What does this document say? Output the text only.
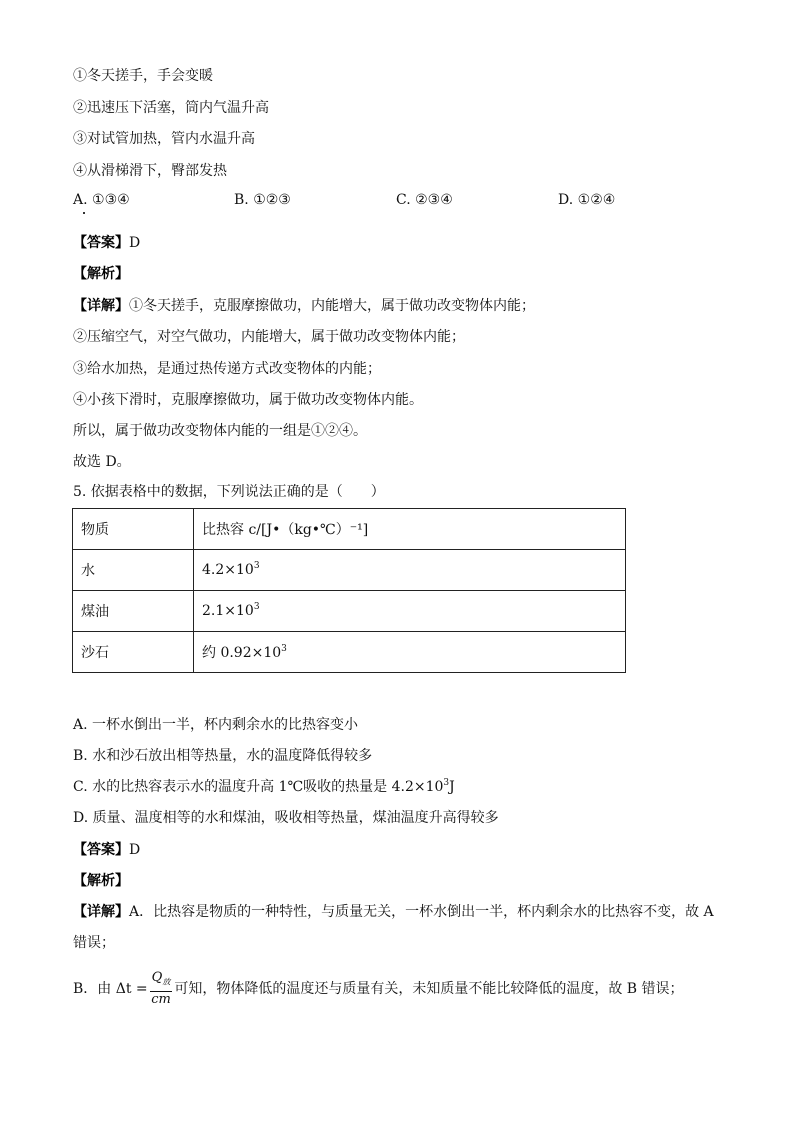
①冬天搓手，手会变暖
②迅速压下活塞，筒内气温升高
③对试管加热，管内水温升高
④从滑梯滑下，臀部发热
A. ①③④	B. ①②③	C. ②③④	D. ①②④
【答案】D
【解析】
【详解】①冬天搓手，克服摩擦做功，内能增大，属于做功改变物体内能；
②压缩空气，对空气做功，内能增大，属于做功改变物体内能；
③给水加热，是通过热传递方式改变物体的内能；
④小孩下滑时，克服摩擦做功，属于做功改变物体内能。
所以，属于做功改变物体内能的一组是①②④。
故选 D。
5. 依据表格中的数据，下列说法正确的是（　　）
物质	比热容 c/[J•（kg•℃）⁻¹]
水	$4.2\times 10^3$
煤油	$2.1\times 10^3$
沙石	约 $0.92\times 10^3$
A. 一杯水倒出一半，杯内剩余水的比热容变小
B. 水和沙石放出相等热量，水的温度降低得较多
C. 水的比热容表示水的温度升高 1℃吸收的热量是 $4.2\times 10^3J$
D. 质量、温度相等的水和煤油，吸收相等热量，煤油温度升高得较多
【答案】D
【解析】
【详解】A．比热容是物质的一种特性，与质量无关，一杯水倒出一半，杯内剩余水的比热容不变，故 A
错误；
B．由 $\Delta t = \frac{Q_放}{cm}$ 可知，物体降低的温度还与质量有关，未知质量不能比较降低的温度，故 B 错误；
